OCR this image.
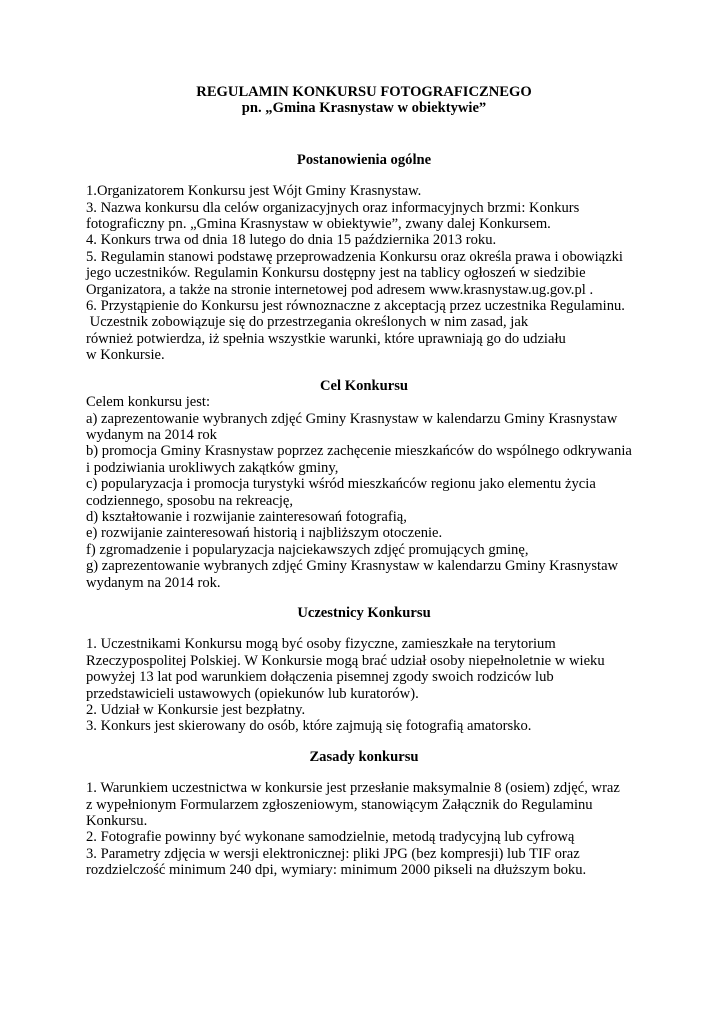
REGULAMIN KONKURSU FOTOGRAFICZNEGO
pn. „Gmina Krasnystaw w obiektywie”
Postanowienia ogólne
1.Organizatorem Konkursu jest Wójt Gminy Krasnystaw.
3. Nazwa konkursu dla celów organizacyjnych oraz informacyjnych brzmi: Konkurs
fotograficzny pn. „Gmina Krasnystaw w obiektywie”, zwany dalej Konkursem.
4. Konkurs trwa od dnia 18 lutego do dnia 15 października 2013 roku.
5. Regulamin stanowi podstawę przeprowadzenia Konkursu oraz określa prawa i obowiązki
jego uczestników. Regulamin Konkursu dostępny jest na tablicy ogłoszeń w siedzibie
Organizatora, a także na stronie internetowej pod adresem www.krasnystaw.ug.gov.pl .
6. Przystąpienie do Konkursu jest równoznaczne z akceptacją przez uczestnika Regulaminu.
Uczestnik zobowiązuje się do przestrzegania określonych w nim zasad, jak
również potwierdza, iż spełnia wszystkie warunki, które uprawniają go do udziału
w Konkursie.
Cel Konkursu
Celem konkursu jest:
a) zaprezentowanie wybranych zdjęć Gminy Krasnystaw w kalendarzu Gminy Krasnystaw
wydanym na 2014 rok
b) promocja Gminy Krasnystaw poprzez zachęcenie mieszkańców do wspólnego odkrywania
i podziwiania urokliwych zakątków gminy,
c) popularyzacja i promocja turystyki wśród mieszkańców regionu jako elementu życia
codziennego, sposobu na rekreację,
d) kształtowanie i rozwijanie zainteresowań fotografią,
e) rozwijanie zainteresowań historią i najbliższym otoczenie.
f) zgromadzenie i popularyzacja najciekawszych zdjęć promujących gminę,
g) zaprezentowanie wybranych zdjęć Gminy Krasnystaw w kalendarzu Gminy Krasnystaw
wydanym na 2014 rok.
Uczestnicy Konkursu
1. Uczestnikami Konkursu mogą być osoby fizyczne, zamieszkałe na terytorium
Rzeczypospolitej Polskiej. W Konkursie mogą brać udział osoby niepełnoletnie w wieku
powyżej 13 lat pod warunkiem dołączenia pisemnej zgody swoich rodziców lub
przedstawicieli ustawowych (opiekunów lub kuratorów).
2. Udział w Konkursie jest bezpłatny.
3. Konkurs jest skierowany do osób, które zajmują się fotografią amatorsko.
Zasady konkursu
1. Warunkiem uczestnictwa w konkursie jest przesłanie maksymalnie 8 (osiem) zdjęć, wraz
z wypełnionym Formularzem zgłoszeniowym, stanowiącym Załącznik do Regulaminu
Konkursu.
2. Fotografie powinny być wykonane samodzielnie, metodą tradycyjną lub cyfrową
3. Parametry zdjęcia w wersji elektronicznej: pliki JPG (bez kompresji) lub TIF oraz
rozdzielczość minimum 240 dpi, wymiary: minimum 2000 pikseli na dłuższym boku.
